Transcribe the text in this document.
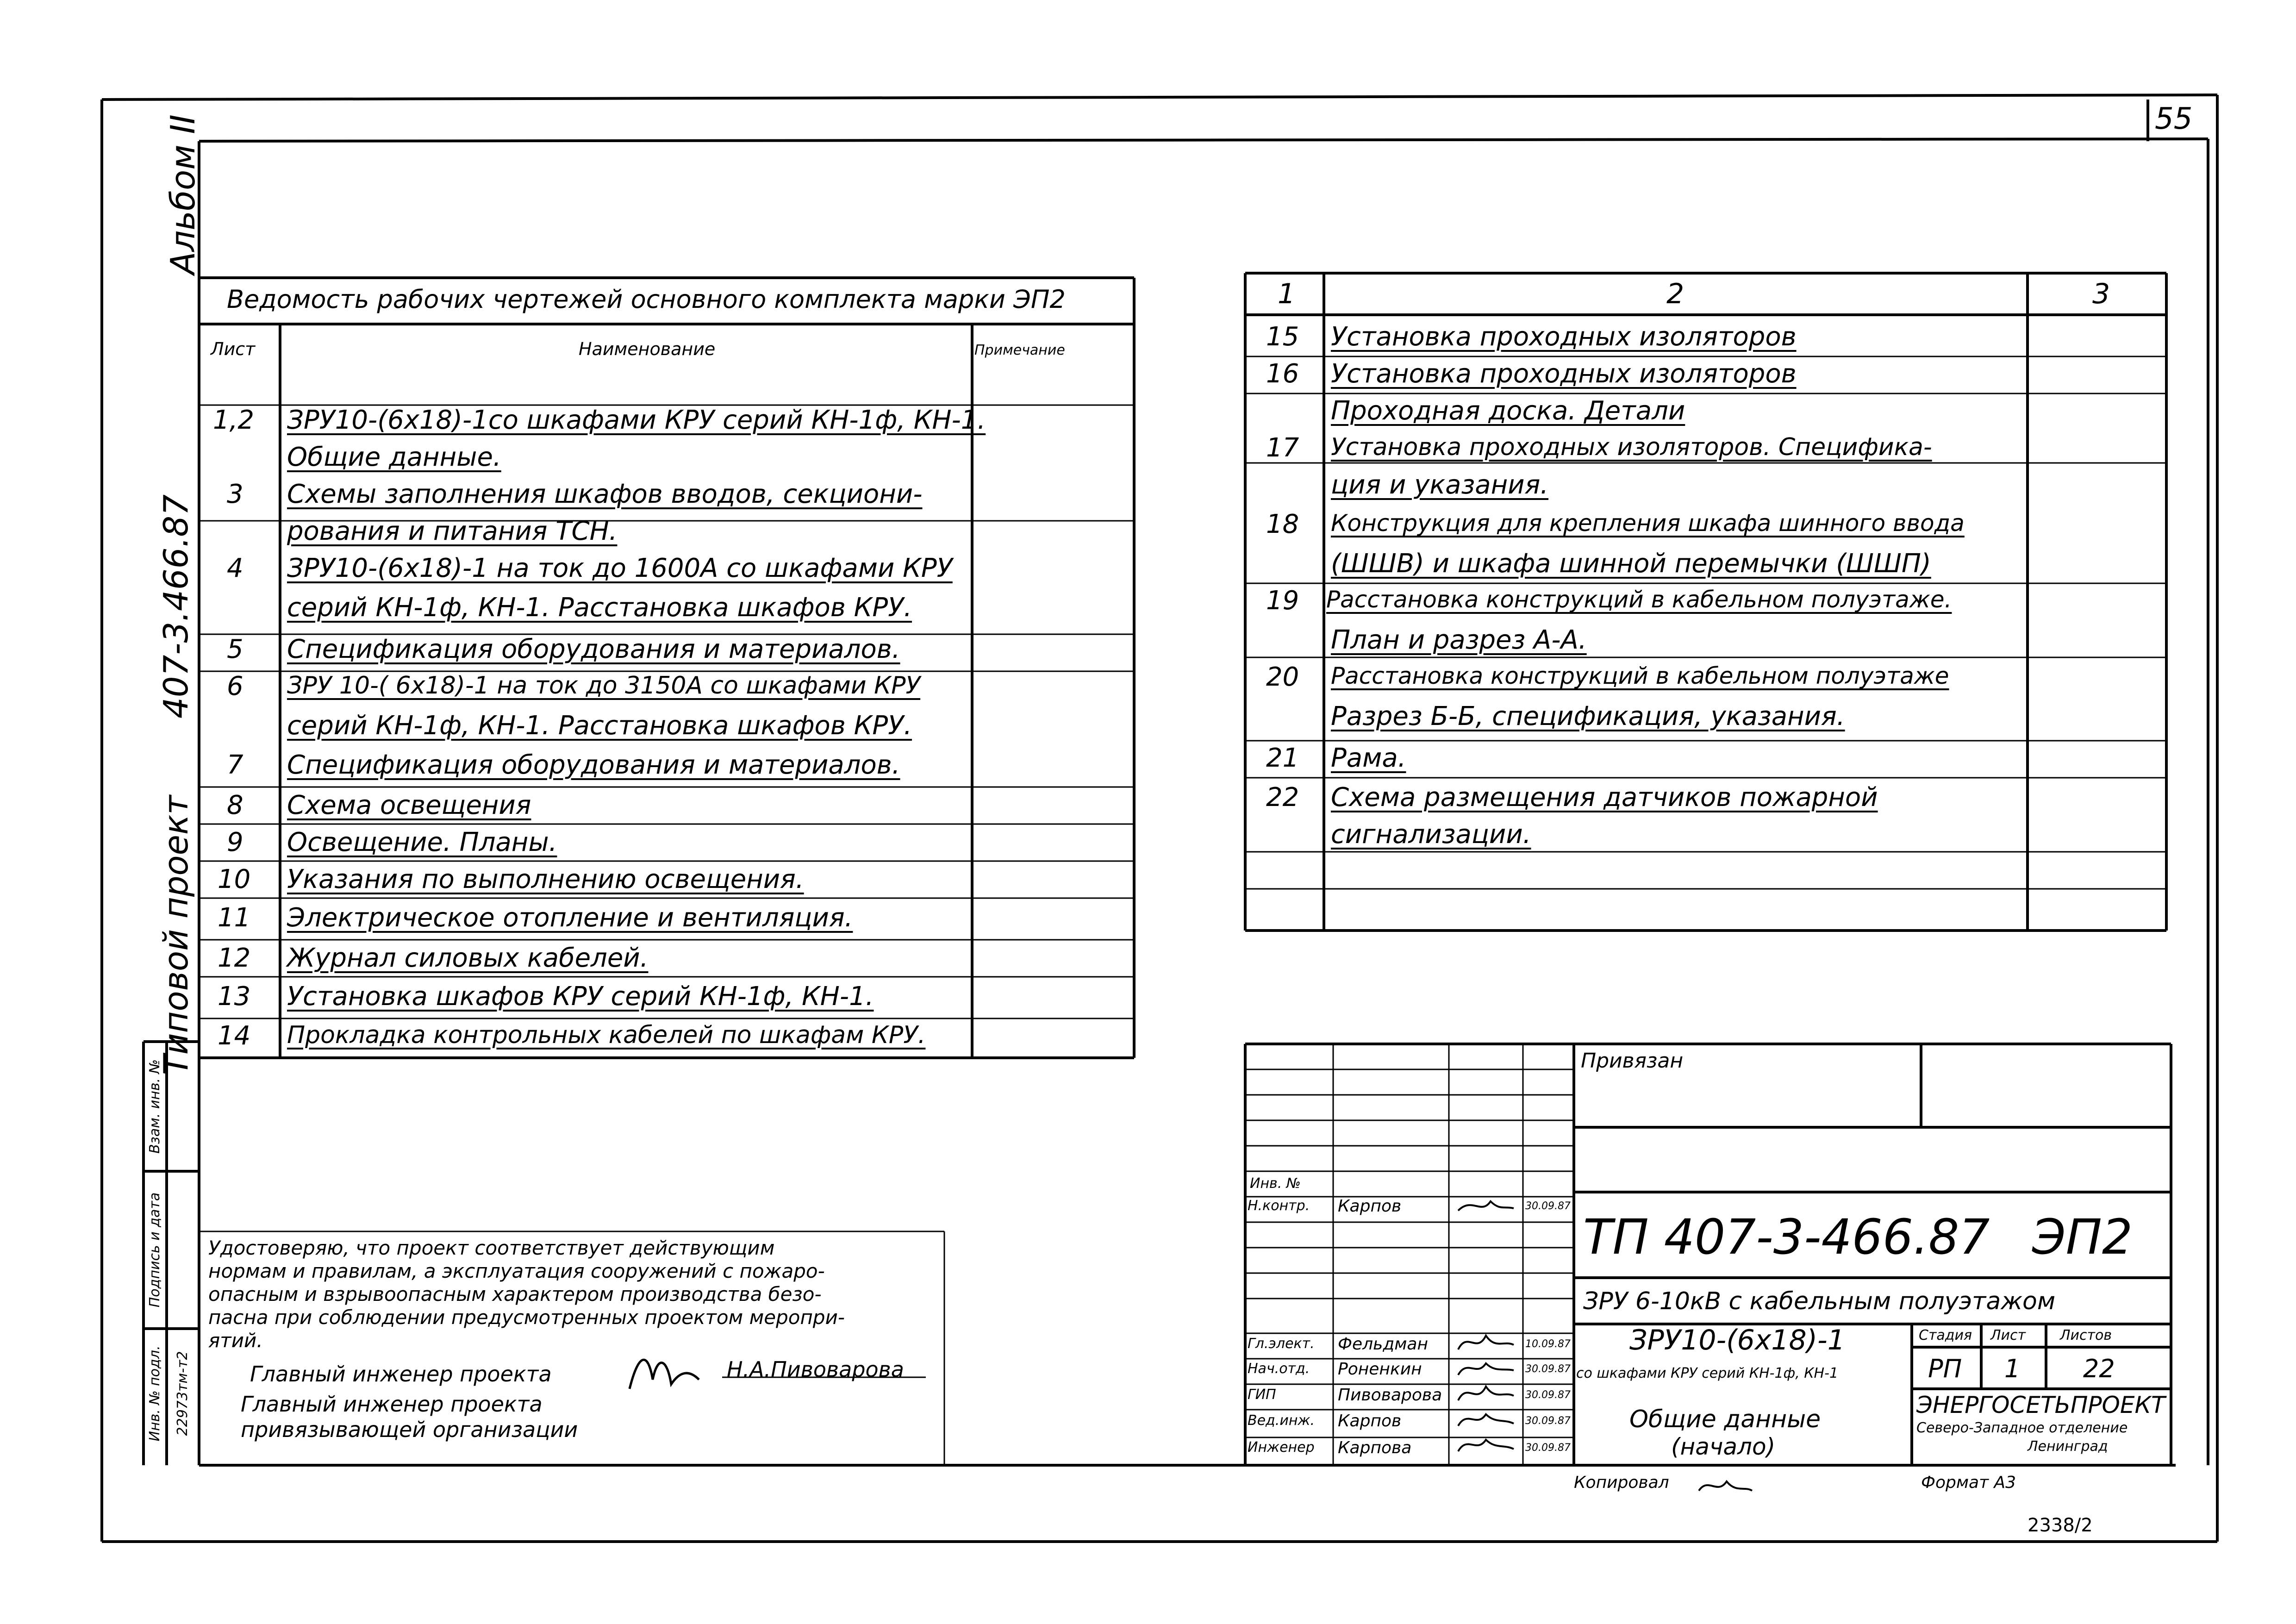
55
Альбом II
407-3.466.87
Типовой проект
Инв. № подл.
Подпись и дата
Взам. инв. №
22973тм-т2
Ведомость рабочих чертежей основного комплекта марки ЭП2
Лист	Наименование	Примечание
1,2 ЗРУ10-(6х18)-1со шкафами КРУ серий КН-1ф, КН-1.
Общие данные.
3 Схемы заполнения шкафов вводов, секциони-
рования и питания ТСН.
4 ЗРУ10-(6х18)-1 на ток до 1600А со шкафами КРУ
серий КН-1ф, КН-1. Расстановка шкафов КРУ.
5 Спецификация оборудования и материалов.
6 ЗРУ 10-( 6х18)-1 на ток до 3150А со шкафами КРУ
серий КН-1ф, КН-1. Расстановка шкафов КРУ.
7 Спецификация оборудования и материалов.
8 Схема освещения
9 Освещение. Планы.
10 Указания по выполнению освещения.
11 Электрическое отопление и вентиляция.
12 Журнал силовых кабелей.
13 Установка шкафов КРУ серий КН-1ф, КН-1.
14 Прокладка контрольных кабелей по шкафам КРУ.
1	2	3
15 Установка проходных изоляторов
16 Установка проходных изоляторов
Проходная доска. Детали
17 Установка проходных изоляторов. Специфика-
ция и указания.
18 Конструкция для крепления шкафа шинного ввода
(ШШВ) и шкафа шинной перемычки (ШШП)
19 Расстановка конструкций в кабельном полуэтаже.
План и разрез А-А.
20 Расстановка конструкций в кабельном полуэтаже
Разрез Б-Б, спецификация, указания.
21 Рама.
22 Схема размещения датчиков пожарной
сигнализации.
Удостоверяю, что проект соответствует действующим
нормам и правилам, а эксплуатация сооружений с пожаро-
опасным и взрывоопасным характером производства безо-
пасна при соблюдении предусмотренных проектом меропри-
ятий.
Главный инженер проекта	Н.А.Пивоварова
Главный инженер проекта
привязывающей организации
Привязан
Инв. №
ТП 407-3-466.87 ЭП2
ЗРУ 6-10кВ с кабельным полуэтажом
ЗРУ10-(6х18)-1
со шкафами КРУ серий КН-1ф, КН-1
Общие данные
(начало)
Стадия Лист Листов
РП 1	22
ЭНЕРГОСЕТЬПРОЕКТ
Северо-Западное отделение
Ленинград
Н.контр. Карпов	30.09.87
Гл.элект. Фельдман	10.09.87
Нач.отд. Роненкин	30.09.87
ГИП	Пивоварова	30.09.87
Вед.инж. Карпов	30.09.87
Инженер Карпова	30.09.87
Копировал	Формат А3
2338/2
